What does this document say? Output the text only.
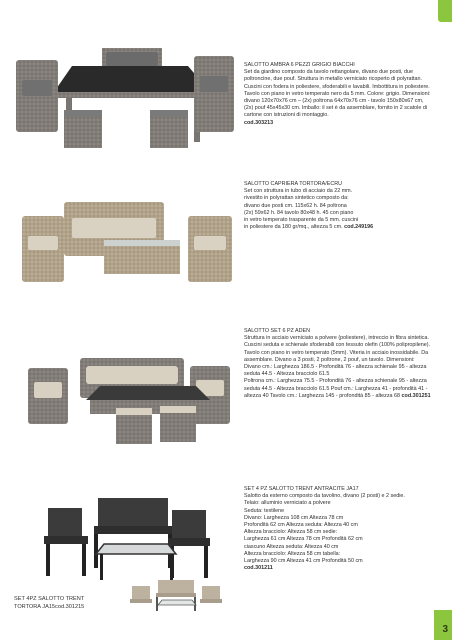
SALOTTO AMBRA 6 PEZZI GRIGIO BIACCHI

Set da giardino composto da tavolo rettangolare, divano due posti, due poltroncine, due pouf. Struttura in metallo verniciato ricoperto di polyrattan. Cuscini con fodera in poliestere, sfoderabili e lavabili. Imbottitura in poliestere. Tavolo con piano in vetro temperato nero da 5 mm. Colore: grigio. Dimensioni: divano 120x70x76 cm – (2x) poltrona 64x70x76 cm - tavolo 150x80x67 cm, (2x) pouf 45x45x30 cm. Imballo: il set è da assemblare, fornito in 2 scatole di cartone con istruzioni di montaggio.

cod.303213

SALOTTO CAPRIERA TORTORA/ECRU

Set con struttura in tubo di acciaio da 22 mm.
rivestito in polyrattan sintetico composto da:
divano due posti cm. 115x62 h. 84 poltrona
(2x) 59x62 h. 84 tavolo 80x48 h. 45 con piano
in vetro temperato trasparente da 5 mm. cuscini
in poliestere da 180 gr/mq., altezza 5 cm. cod.249196

SALOTTO SET 6 PZ ADEN

Struttura in acciaio verniciato a polvere (poliestere), intreccio in fibra sintetica. Cuscini seduta e schienale sfoderabili con tessuto olefin (100% polipropilene). Tavolo con piano in vetro temperato (5mm). Viteria in acciaio inossidabile. Da assemblare. Divano a 3 posti, 2 poltrone, 2 pouf, un tavolo. Dimensioni: Divano cm.: Larghezza 186.5 - Profondità 76 - altezza schienale 95 - altezza seduta 44.5 - Altezza bracciolo 61.5
Poltrona cm.: Larghezza 75.5 - Profondità 76 - altezza schienale 95 - altezza seduta 44.5 - Altezza bracciolo 61.5 Pouf cm.: Larghezza 41 - profondità 41 - altezza 40 Tavolo cm.: Larghezza 145 - profondità 85 - altezza 68 cod.301251

SET 4 PZ SALOTTO TRENT ANTRACITE JA17

Salotto da esterno composto da tavolino, divano (2 posti) e 2 sedie.
Telaio: alluminio verniciato a polvere
Seduta: textilene
Divano: Larghezza 108 cm Altezza 78 cm
Profondità 62 cm Altezza seduta: Altezza 40 cm
Altezza bracciolo: Altezza 58 cm sedie:
Larghezza 61 cm Altezza 78 cm Profondità 62 cm
ciascuno Altezza seduta: Altezza 40 cm
Altezza bracciolo: Altezza 58 cm tabella:
Larghezza 90 cm Altezza 41 cm Profondità 50 cm

cod.301211

SET 4PZ SALOTTO TRENT
TORTORA JA15cod.301215
3
